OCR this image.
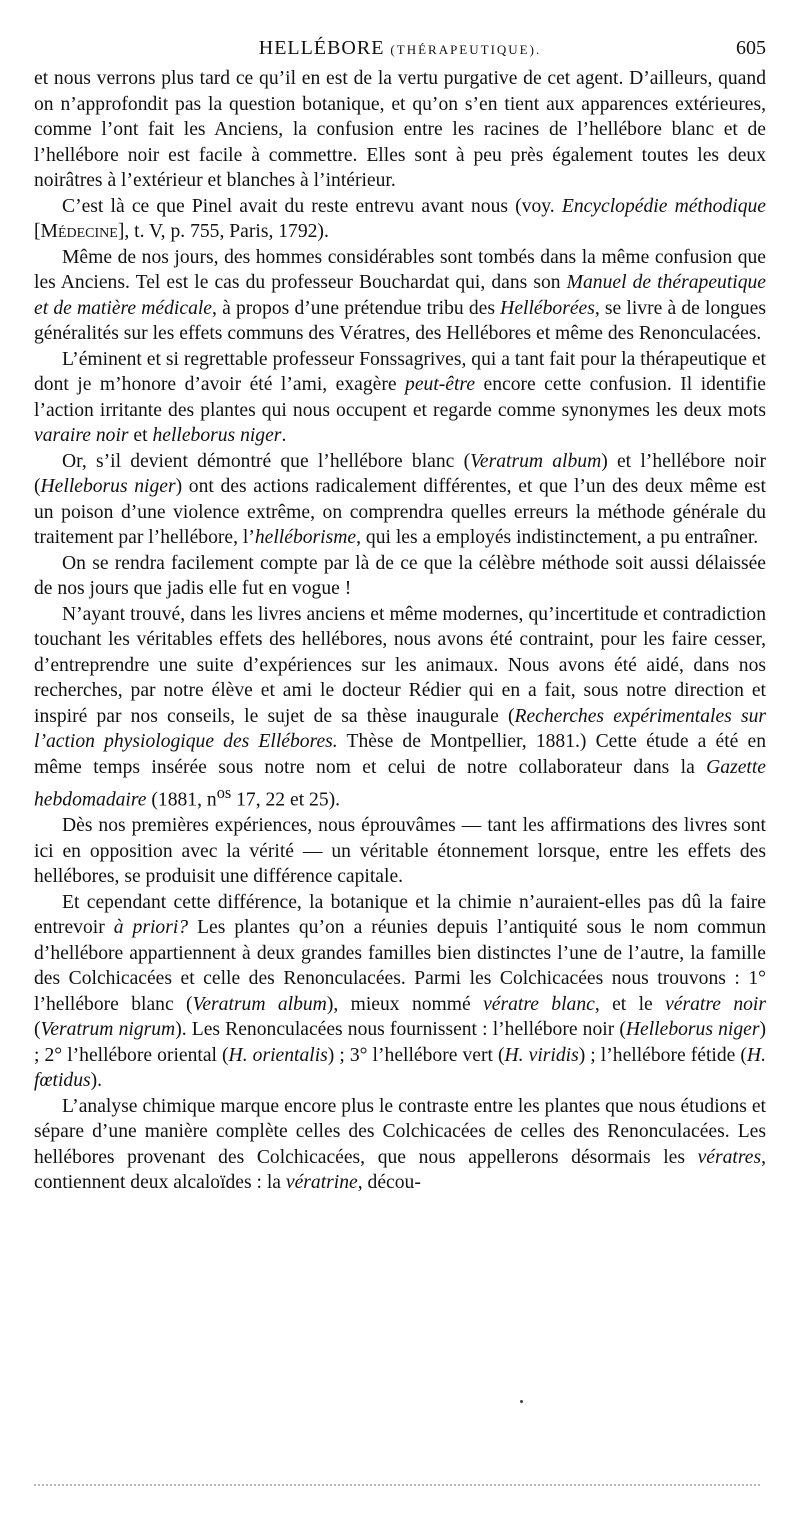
HELLÉBORE (THÉRAPEUTIQUE).	605

et nous verrons plus tard ce qu’il en est de la vertu purgative de cet agent. D’ailleurs, quand on n’approfondit pas la question botanique, et qu’on s’en tient aux apparences extérieures, comme l’ont fait les Anciens, la confusion entre les racines de l’hellébore blanc et de l’hellébore noir est facile à commettre. Elles sont à peu près également toutes les deux noirâtres à l’extérieur et blanches à l’intérieur.

C’est là ce que Pinel avait du reste entrevu avant nous (voy. Encyclopédie méthodique [Médecine], t. V, p. 755, Paris, 1792).

Même de nos jours, des hommes considérables sont tombés dans la même confusion que les Anciens. Tel est le cas du professeur Bouchardat qui, dans son Manuel de thérapeutique et de matière médicale, à propos d’une prétendue tribu des Helléborées, se livre à de longues généralités sur les effets communs des Vératres, des Hellébores et même des Renonculacées.

L’éminent et si regrettable professeur Fonssagrives, qui a tant fait pour la thérapeutique et dont je m’honore d’avoir été l’ami, exagère peut-être encore cette confusion. Il identifie l’action irritante des plantes qui nous occupent et regarde comme synonymes les deux mots varaire noir et helleborus niger.

Or, s’il devient démontré que l’hellébore blanc (Veratrum album) et l’hellébore noir (Helleborus niger) ont des actions radicalement différentes, et que l’un des deux même est un poison d’une violence extrême, on comprendra quelles erreurs la méthode générale du traitement par l’hellébore, l’helléborisme, qui les a employés indistinctement, a pu entraîner.

On se rendra facilement compte par là de ce que la célèbre méthode soit aussi délaissée de nos jours que jadis elle fut en vogue !

N’ayant trouvé, dans les livres anciens et même modernes, qu’incertitude et contradiction touchant les véritables effets des hellébores, nous avons été contraint, pour les faire cesser, d’entreprendre une suite d’expériences sur les animaux. Nous avons été aidé, dans nos recherches, par notre élève et ami le docteur Rédier qui en a fait, sous notre direction et inspiré par nos conseils, le sujet de sa thèse inaugurale (Recherches expérimentales sur l’action physiologique des Ellébores. Thèse de Montpellier, 1881.) Cette étude a été en même temps insérée sous notre nom et celui de notre collaborateur dans la Gazette hebdomadaire (1881, $n^{os}$ 17, 22 et 25).

Dès nos premières expériences, nous éprouvâmes — tant les affirmations des livres sont ici en opposition avec la vérité — un véritable étonnement lorsque, entre les effets des hellébores, se produisit une différence capitale.

Et cependant cette différence, la botanique et la chimie n’auraient-elles pas dû la faire entrevoir à priori? Les plantes qu’on a réunies depuis l’antiquité sous le nom commun d’hellébore appartiennent à deux grandes familles bien distinctes l’une de l’autre, la famille des Colchicacées et celle des Renonculacées. Parmi les Colchicacées nous trouvons : 1° l’hellébore blanc (Veratrum album), mieux nommé vératre blanc, et le vératre noir (Veratrum nigrum). Les Renonculacées nous fournissent : l’hellébore noir (Helleborus niger) ; 2° l’hellébore oriental (H. orientalis) ; 3° l’hellébore vert (H. viridis) ; l’hellébore fétide (H. fœtidus).

L’analyse chimique marque encore plus le contraste entre les plantes que nous étudions et sépare d’une manière complète celles des Colchicacées de celles des Renonculacées. Les hellébores provenant des Colchicacées, que nous appellerons désormais les vératres, contiennent deux alcaloïdes : la vératrine, décou-
